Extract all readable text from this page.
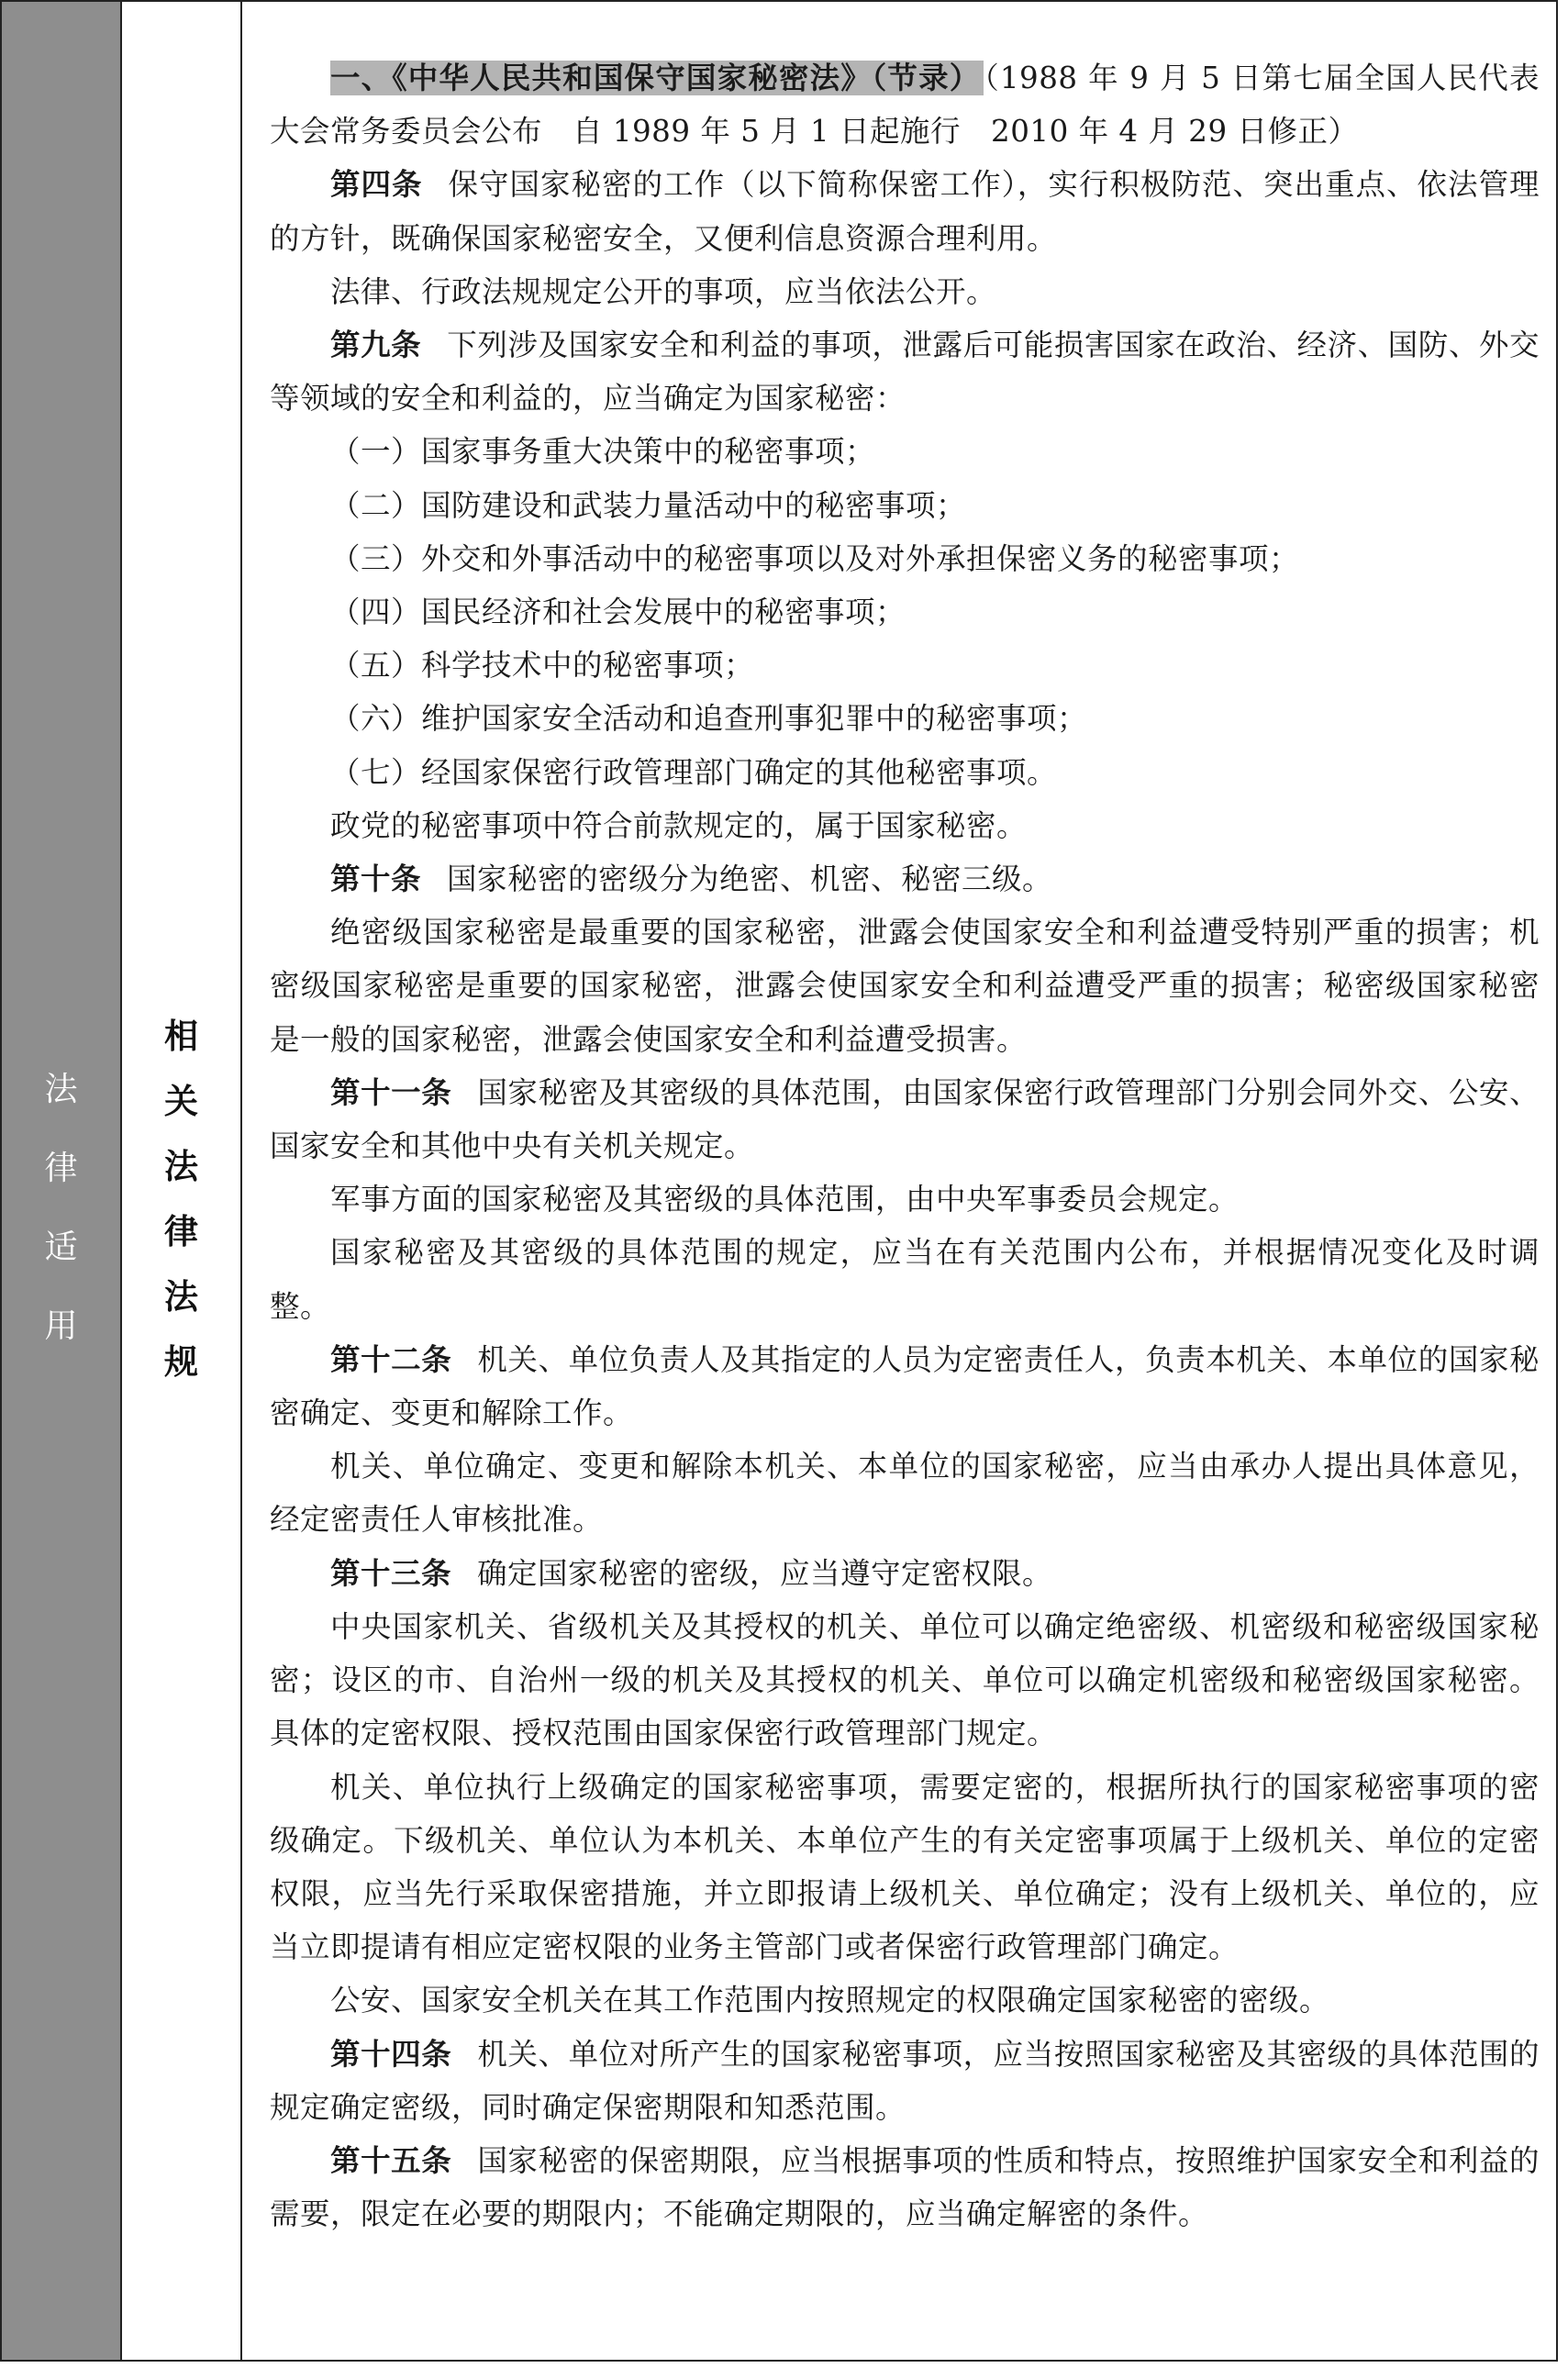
法
律
适
用
相
关
法
律
法
规

一、《中华人民共和国保守国家秘密法》（节录） （1988 年 9 月 5 日第七届全国人民代表大会常务委员会公布　自 1989 年 5 月 1 日起施行　2010 年 4 月 29 日修正）

第四条 保守国家秘密的工作（以下简称保密工作），实行积极防范、突出重点、依法管理的方针，既确保国家秘密安全，又便利信息资源合理利用。

法律、行政法规规定公开的事项，应当依法公开。

第九条 下列涉及国家安全和利益的事项，泄露后可能损害国家在政治、经济、国防、外交等领域的安全和利益的，应当确定为国家秘密：

（一）国家事务重大决策中的秘密事项；

（二）国防建设和武装力量活动中的秘密事项；

（三）外交和外事活动中的秘密事项以及对外承担保密义务的秘密事项；

（四）国民经济和社会发展中的秘密事项；

（五）科学技术中的秘密事项；

（六）维护国家安全活动和追查刑事犯罪中的秘密事项；

（七）经国家保密行政管理部门确定的其他秘密事项。

政党的秘密事项中符合前款规定的，属于国家秘密。

第十条 国家秘密的密级分为绝密、机密、秘密三级。

绝密级国家秘密是最重要的国家秘密，泄露会使国家安全和利益遭受特别严重的损害；机密级国家秘密是重要的国家秘密，泄露会使国家安全和利益遭受严重的损害；秘密级国家秘密是一般的国家秘密，泄露会使国家安全和利益遭受损害。

第十一条 国家秘密及其密级的具体范围，由国家保密行政管理部门分别会同外交、公安、国家安全和其他中央有关机关规定。

军事方面的国家秘密及其密级的具体范围，由中央军事委员会规定。

国家秘密及其密级的具体范围的规定，应当在有关范围内公布，并根据情况变化及时调整。

第十二条 机关、单位负责人及其指定的人员为定密责任人，负责本机关、本单位的国家秘密确定、变更和解除工作。

机关、单位确定、变更和解除本机关、本单位的国家秘密，应当由承办人提出具体意见，经定密责任人审核批准。

第十三条 确定国家秘密的密级，应当遵守定密权限。

中央国家机关、省级机关及其授权的机关、单位可以确定绝密级、机密级和秘密级国家秘密；设区的市、自治州一级的机关及其授权的机关、单位可以确定机密级和秘密级国家秘密。具体的定密权限、授权范围由国家保密行政管理部门规定。

机关、单位执行上级确定的国家秘密事项，需要定密的，根据所执行的国家秘密事项的密级确定。下级机关、单位认为本机关、本单位产生的有关定密事项属于上级机关、单位的定密权限，应当先行采取保密措施，并立即报请上级机关、单位确定；没有上级机关、单位的，应当立即提请有相应定密权限的业务主管部门或者保密行政管理部门确定。

公安、国家安全机关在其工作范围内按照规定的权限确定国家秘密的密级。

第十四条 机关、单位对所产生的国家秘密事项，应当按照国家秘密及其密级的具体范围的规定确定密级，同时确定保密期限和知悉范围。

第十五条 国家秘密的保密期限，应当根据事项的性质和特点，按照维护国家安全和利益的需要，限定在必要的期限内；不能确定期限的，应当确定解密的条件。
